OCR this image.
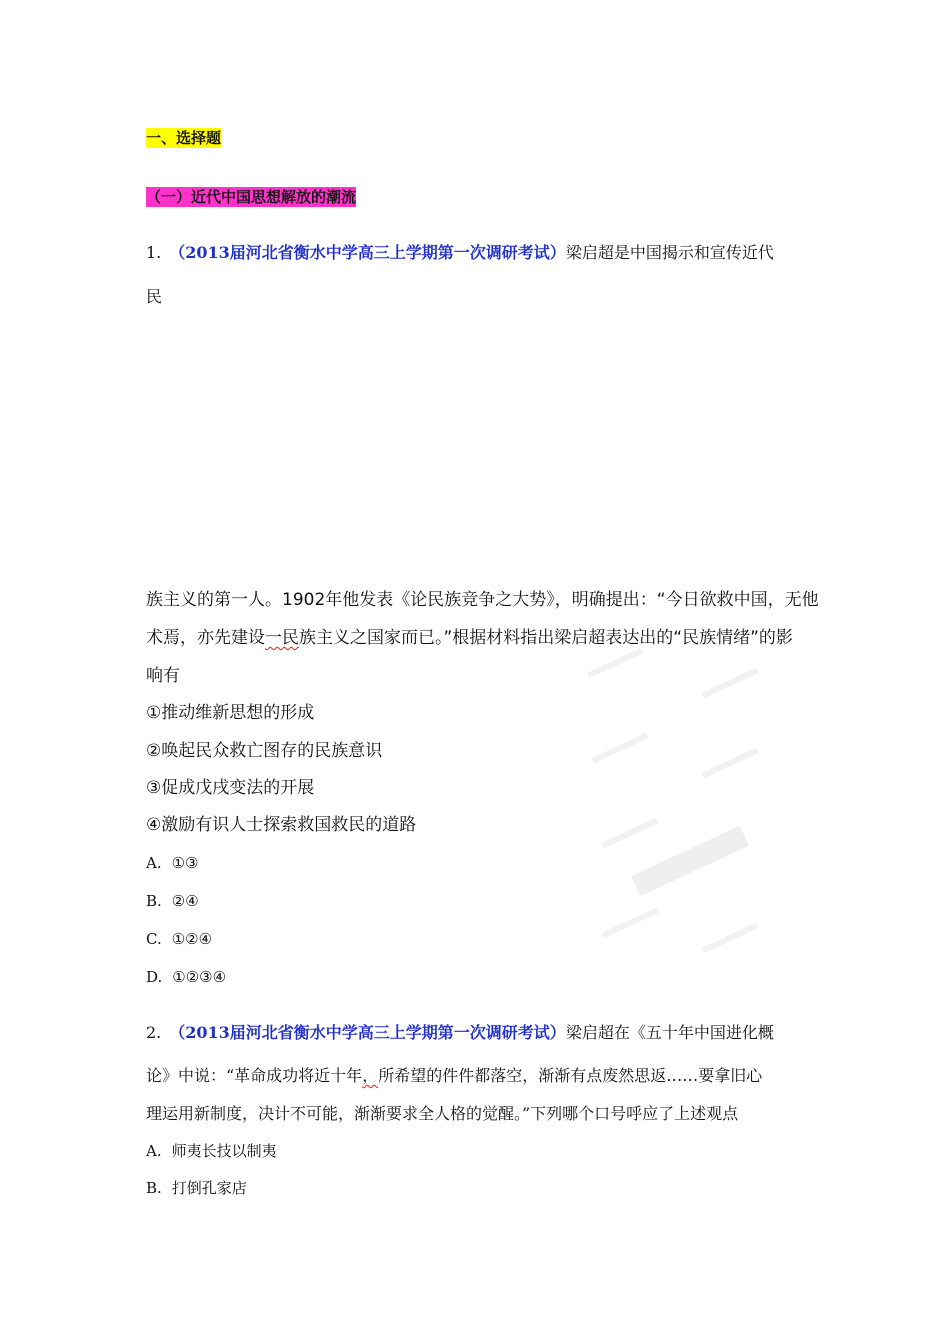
一、选择题
（一）近代中国思想解放的潮流
1. （2013届河北省衡水中学高三上学期第一次调研考试）梁启超是中国揭示和宣传近代
民
族主义的第一人。1902年他发表《论民族竞争之大势》，明确提出：“今日欲救中国，无他
术焉，亦先建设一民族主义之国家而已。”根据材料指出梁启超表达出的“民族情绪”的影
响有
①推动维新思想的形成
②唤起民众救亡图存的民族意识
③促成戊戌变法的开展
④激励有识人士探索救国救民的道路
A. ①③
B. ②④
C. ①②④
D. ①②③④
2. （2013届河北省衡水中学高三上学期第一次调研考试）梁启超在《五十年中国进化概
论》中说：“革命成功将近十年，所希望的件件都落空，渐渐有点废然思返……要拿旧心
理运用新制度，决计不可能，渐渐要求全人格的觉醒。”下列哪个口号呼应了上述观点
A. 师夷长技以制夷
B. 打倒孔家店
